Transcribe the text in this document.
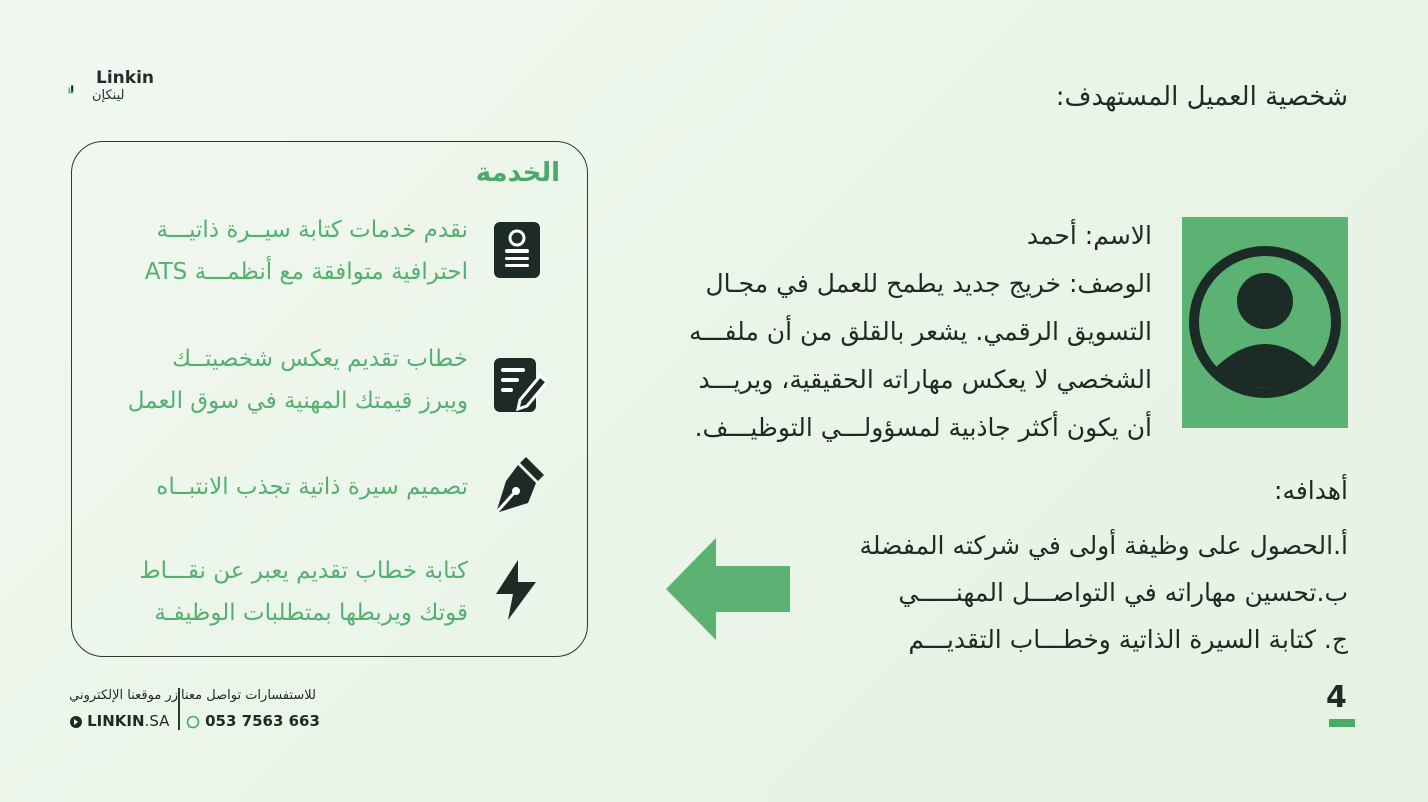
Linkin
لينكإن	شخصية العميل المستهدف:
الاسم: أحمد
الوصف: خريج جديد يطمح للعمل في مجـال
التسويق الرقمي. يشعر بالقلق من أن ملفـــه
الشخصي لا يعكس مهاراته الحقيقية، ويريـــد
أن يكون أكثر جاذبية لمسؤولـــي التوظيـــف.
أهدافه:
أ.الحصول على وظيفة أولى في شركته المفضلة
ب.تحسين مهاراته في التواصـــل المهنـــــي
ج. كتابة السيرة الذاتية وخطـــاب التقديـــم
الخدمة
نقدم خدمات كتابة سيــرة ذاتيـــة
احترافية متوافقة مع أنظمـــة ATS
خطاب تقديم يعكس شخصيتــك
ويبرز قيمتك المهنية في سوق العمل
تصميم سيرة ذاتية تجذب الانتبــاه
كتابة خطاب تقديم يعبر عن نقـــاط
قوتك ويربطها بمتطلبات الوظيفـة
زر موقعنا الإلكتروني
LINKIN.SA
للاستفسارات تواصل معنا
053 7563 663
4
